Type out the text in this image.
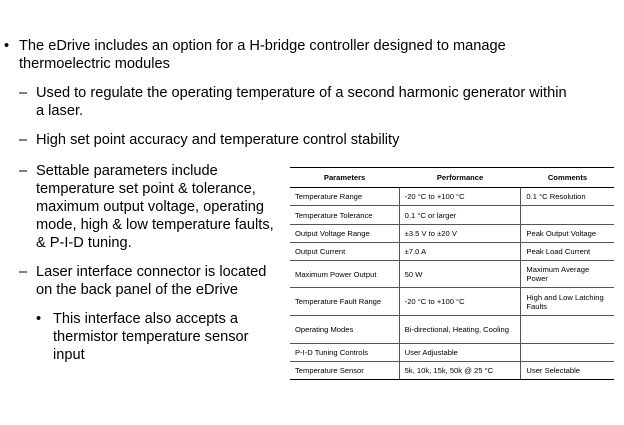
• The eDrive includes an option for a H-bridge controller designed to manage
thermoelectric modules
– Used to regulate the operating temperature of a second harmonic generator within
a laser.
– High set point accuracy and temperature control stability
– Settable parameters include
temperature set point & tolerance,
maximum output voltage, operating
mode, high & low temperature faults,
& P-I-D tuning.
– Laser interface connector is located
on the back panel of the eDrive
• This interface also accepts a
thermistor temperature sensor
input
Parameters	Performance	Comments
Temperature Range	-20 °C to +100 °C	0.1 °C Resolution
Temperature Tolerance	0.1 °C or larger	
Output Voltage Range	±3.5 V to ±20 V	Peak Output Voltage
Output Current	±7.0 A	Peak Load Current
Maximum Power Output	50 W	Maximum Average Power
Temperature Fault Range	-20 °C to +100 °C	High and Low Latching Faults
Operating Modes	Bi-directional, Heating, Cooling	
P-I-D Tuning Controls	User Adjustable	
Temperature Sensor	5k, 10k, 15k, 50k @ 25 °C	User Selectable
